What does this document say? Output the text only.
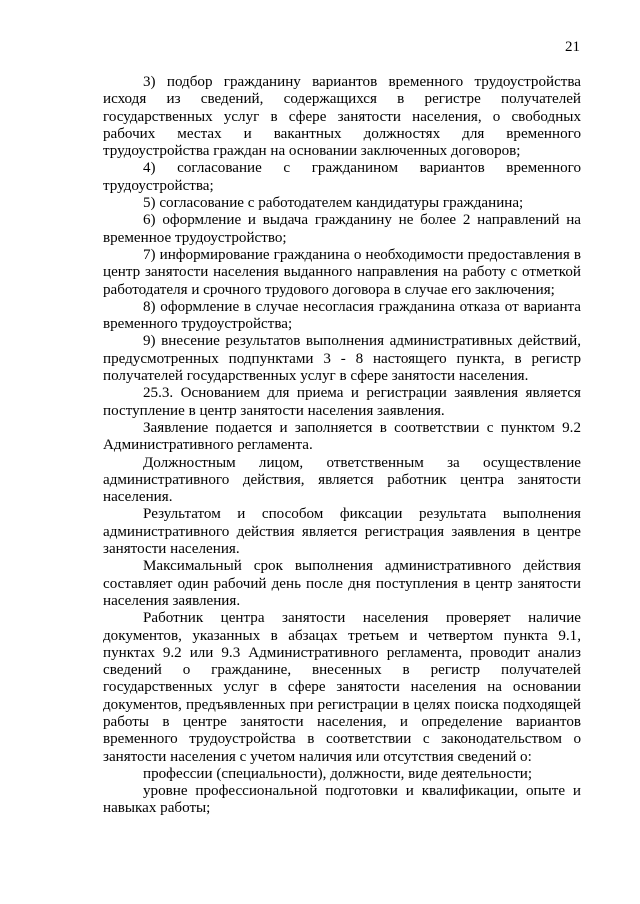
21

3) подбор гражданину вариантов временного трудоустройства исходя из сведений, содержащихся в регистре получателей государственных услуг в сфере занятости населения, о свободных рабочих местах и вакантных должностях для временного трудоустройства граждан на основании заключенных договоров;

4) согласование с гражданином вариантов временного трудоустройства;

5) согласование с работодателем кандидатуры гражданина;

6) оформление и выдача гражданину не более 2 направлений на временное трудоустройство;

7) информирование гражданина о необходимости предоставления в центр занятости населения выданного направления на работу с отметкой работодателя и срочного трудового договора в случае его заключения;

8) оформление в случае несогласия гражданина отказа от варианта временного трудоустройства;

9) внесение результатов выполнения административных действий, предусмотренных подпунктами 3 - 8 настоящего пункта, в регистр получателей государственных услуг в сфере занятости населения.

25.3. Основанием для приема и регистрации заявления является поступление в центр занятости населения заявления.

Заявление подается и заполняется в соответствии с пунктом 9.2 Административного регламента.

Должностным лицом, ответственным за осуществление административного действия, является работник центра занятости населения.

Результатом и способом фиксации результата выполнения административного действия является регистрация заявления в центре занятости населения.

Максимальный срок выполнения административного действия составляет один рабочий день после дня поступления в центр занятости населения заявления.

Работник центра занятости населения проверяет наличие документов, указанных в абзацах третьем и четвертом пункта 9.1, пунктах 9.2 или 9.3 Административного регламента, проводит анализ сведений о гражданине, внесенных в регистр получателей государственных услуг в сфере занятости населения на основании документов, предъявленных при регистрации в целях поиска подходящей работы в центре занятости населения, и определение вариантов временного трудоустройства в соответствии с законодательством о занятости населения с учетом наличия или отсутствия сведений о:

профессии (специальности), должности, виде деятельности;

уровне профессиональной подготовки и квалификации, опыте и навыках работы;
